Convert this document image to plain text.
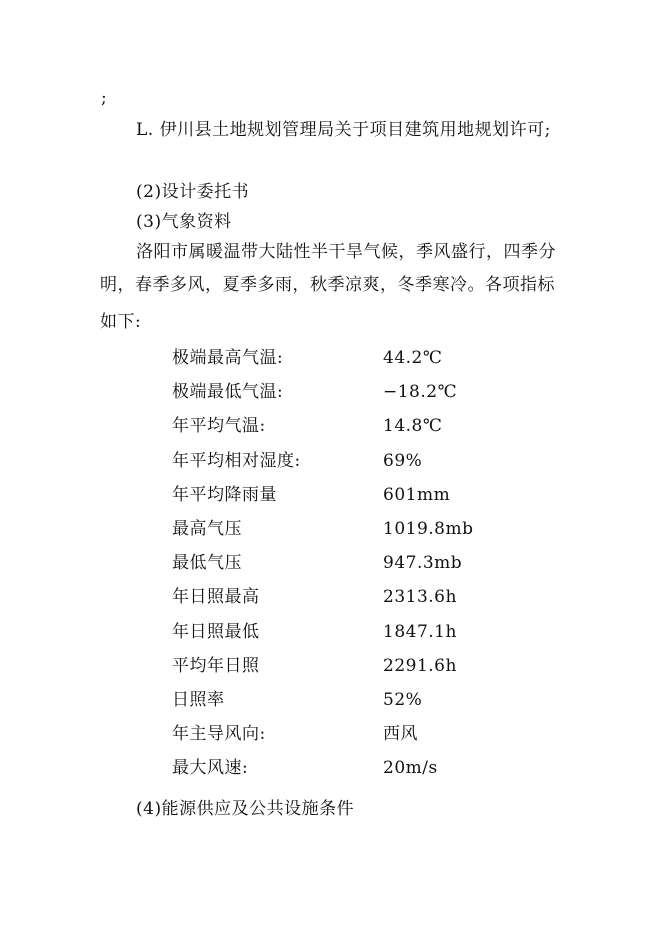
;
L. 伊川县土地规划管理局关于项目建筑用地规划许可;
(2)设计委托书
(3)气象资料
洛阳市属暖温带大陆性半干旱气候，季风盛行，四季分
明，春季多风，夏季多雨，秋季凉爽，冬季寒冷。各项指标
如下:
极端最高气温:	44.2℃
极端最低气温:	−18.2℃
年平均气温:	14.8℃
年平均相对湿度:	69%
年平均降雨量	601mm
最高气压	1019.8mb
最低气压	947.3mb
年日照最高	2313.6h
年日照最低	1847.1h
平均年日照	2291.6h
日照率	52%
年主导风向:	西风
最大风速:	20m/s
(4)能源供应及公共设施条件
